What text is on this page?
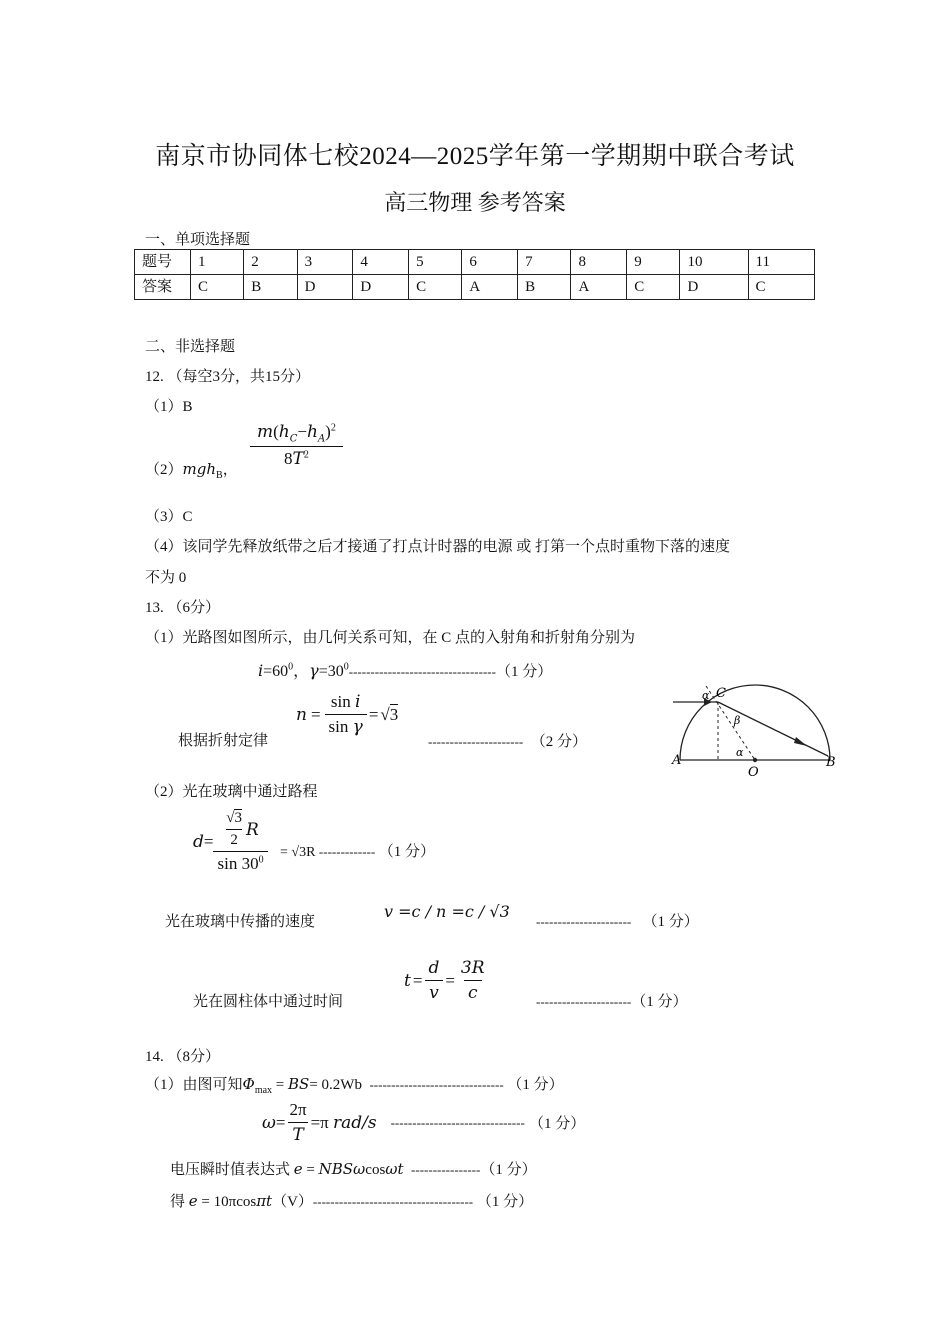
南京市协同体七校2024—2025学年第一学期期中联合考试
高三物理 参考答案
一、单项选择题
题号	1	2	3	4	5	6	7	8	9	10	11
答案	C	B	D	D	C	A	B	A	C	D	C
二、非选择题
12. （每空3分，共15分）
（1）B
（2）mgh$_B$，
$\frac{m(h_C-h_A)^2}{8T^2}$
（3）C
（4）该同学先释放纸带之后才接通了打点计时器的电源 或 打第一个点时重物下落的速度
不为 0
13. （6分）
（1）光路图如图所示，由几何关系可知，在 C 点的入射角和折射角分别为
$i=60^0$，$\gamma=30^0----------------------------------(1$ 分）
根据折射定律
$n = \frac{\text{sin i}}{\text{sin γ}}$ = √ 3
---------------------- （2 分）
α C
β
α
A
O
B
（2）光在玻璃中通过路程
$d = \frac{\frac{√3}{2} R}{\sin 30^0} = √3R$ ------------- （1 分）
光在玻璃中传播的速度
v =c / n =c / √3
---------------------- （1 分）
光在圆柱体中通过时间
$t = \frac{d}{v} = \frac{3R}{c}$	----------------------（1 分）
14. （8分）
（1）由图可知$\Phi_{max} = BS= 0.2Wb$ ------------------------------- （1 分）
$\omega = \frac{2\pi}{T} =\pi$
rad/s	-------------------------------
（1 分）
电压瞬时值表达式 e = NBSωcosωt ----------------（1 分）
得 e = 10πcosπt（V）------------------------------------- （1 分）
